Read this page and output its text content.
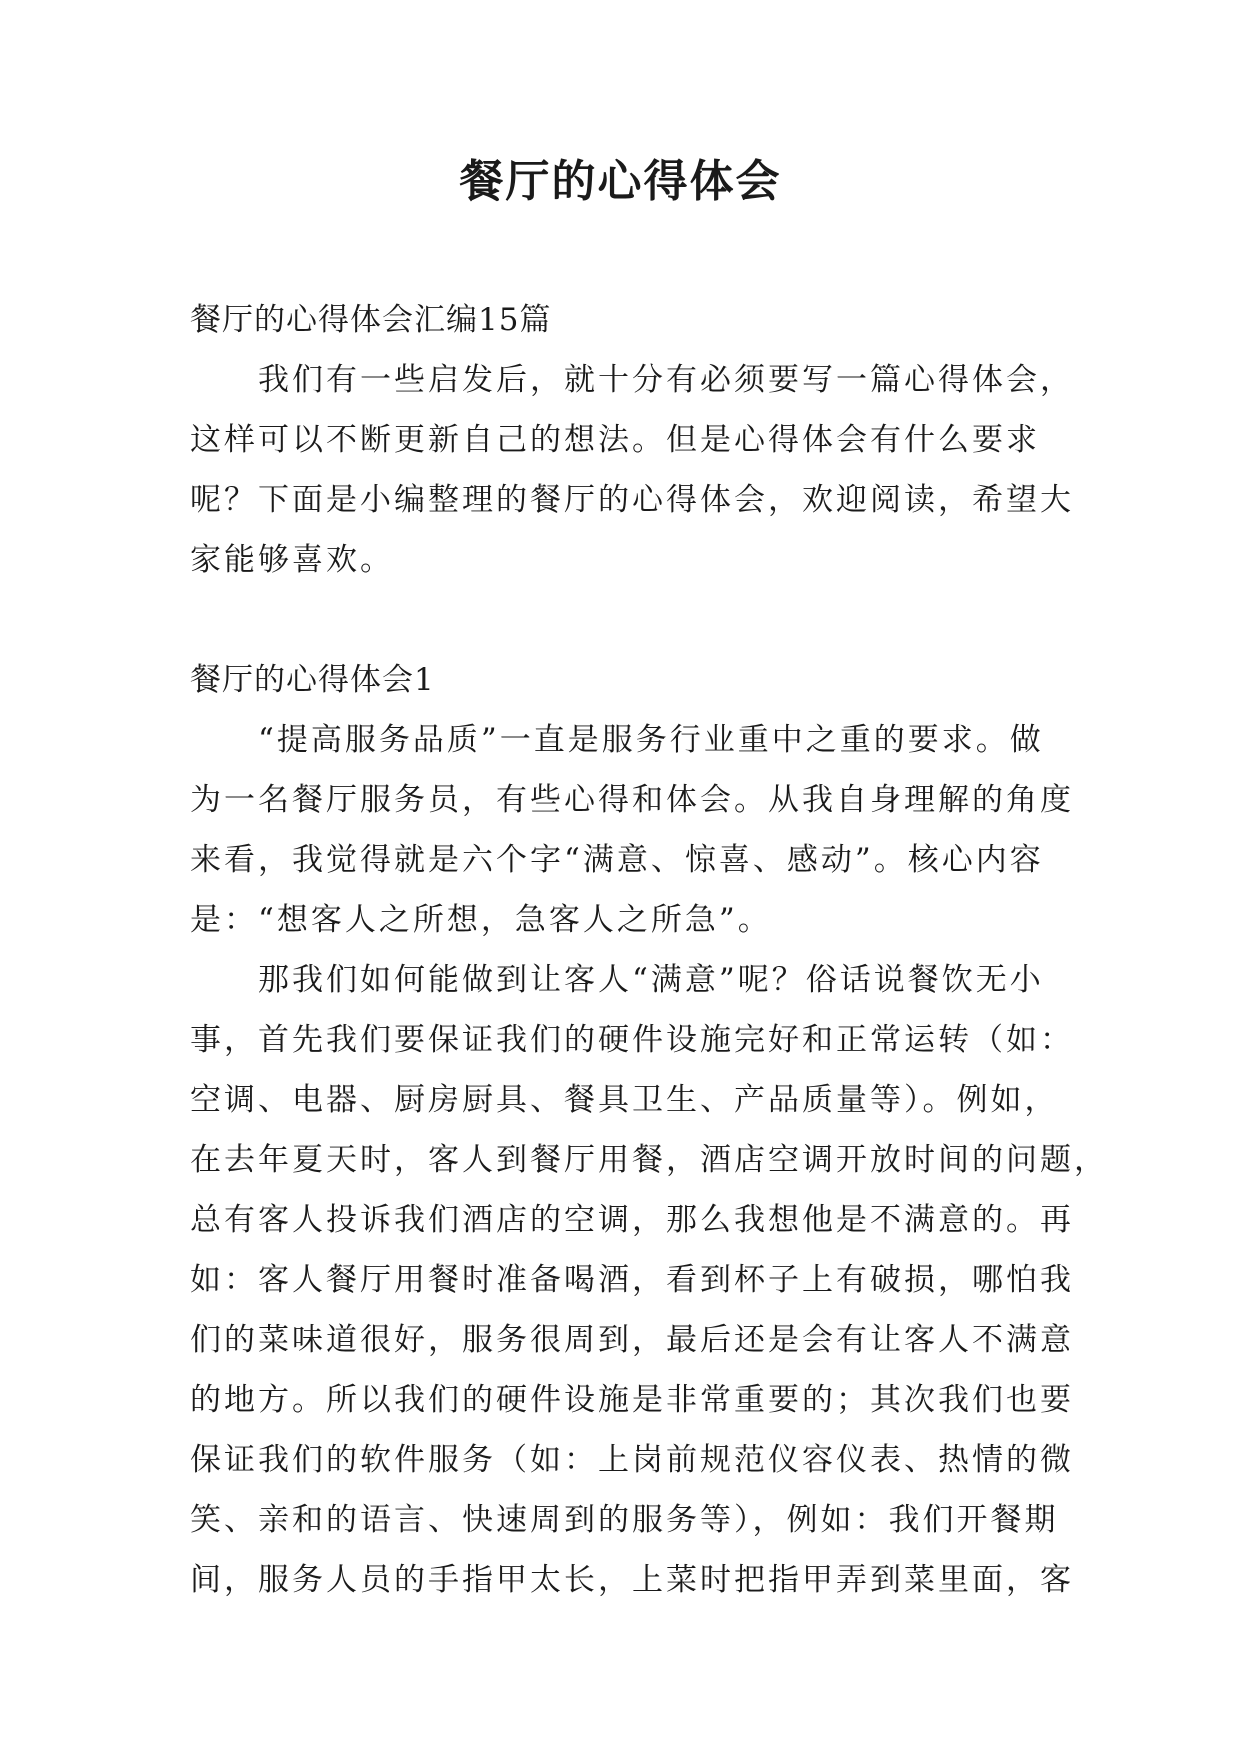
餐厅的心得体会
餐厅的心得体会汇编15篇
　　我们有一些启发后，就十分有必须要写一篇心得体会，
这样可以不断更新自己的想法。但是心得体会有什么要求
呢？下面是小编整理的餐厅的心得体会，欢迎阅读，希望大
家能够喜欢。
餐厅的心得体会1
　　“提高服务品质”一直是服务行业重中之重的要求。做
为一名餐厅服务员，有些心得和体会。从我自身理解的角度
来看，我觉得就是六个字“满意、惊喜、感动”。核心内容
是：“想客人之所想，急客人之所急”。
　　那我们如何能做到让客人“满意”呢？俗话说餐饮无小
事，首先我们要保证我们的硬件设施完好和正常运转（如：
空调、电器、厨房厨具、餐具卫生、产品质量等）。例如，
在去年夏天时，客人到餐厅用餐，酒店空调开放时间的问题，
总有客人投诉我们酒店的空调，那么我想他是不满意的。再
如：客人餐厅用餐时准备喝酒，看到杯子上有破损，哪怕我
们的菜味道很好，服务很周到，最后还是会有让客人不满意
的地方。所以我们的硬件设施是非常重要的；其次我们也要
保证我们的软件服务（如：上岗前规范仪容仪表、热情的微
笑、亲和的语言、快速周到的服务等），例如：我们开餐期
间，服务人员的手指甲太长，上菜时把指甲弄到菜里面，客
